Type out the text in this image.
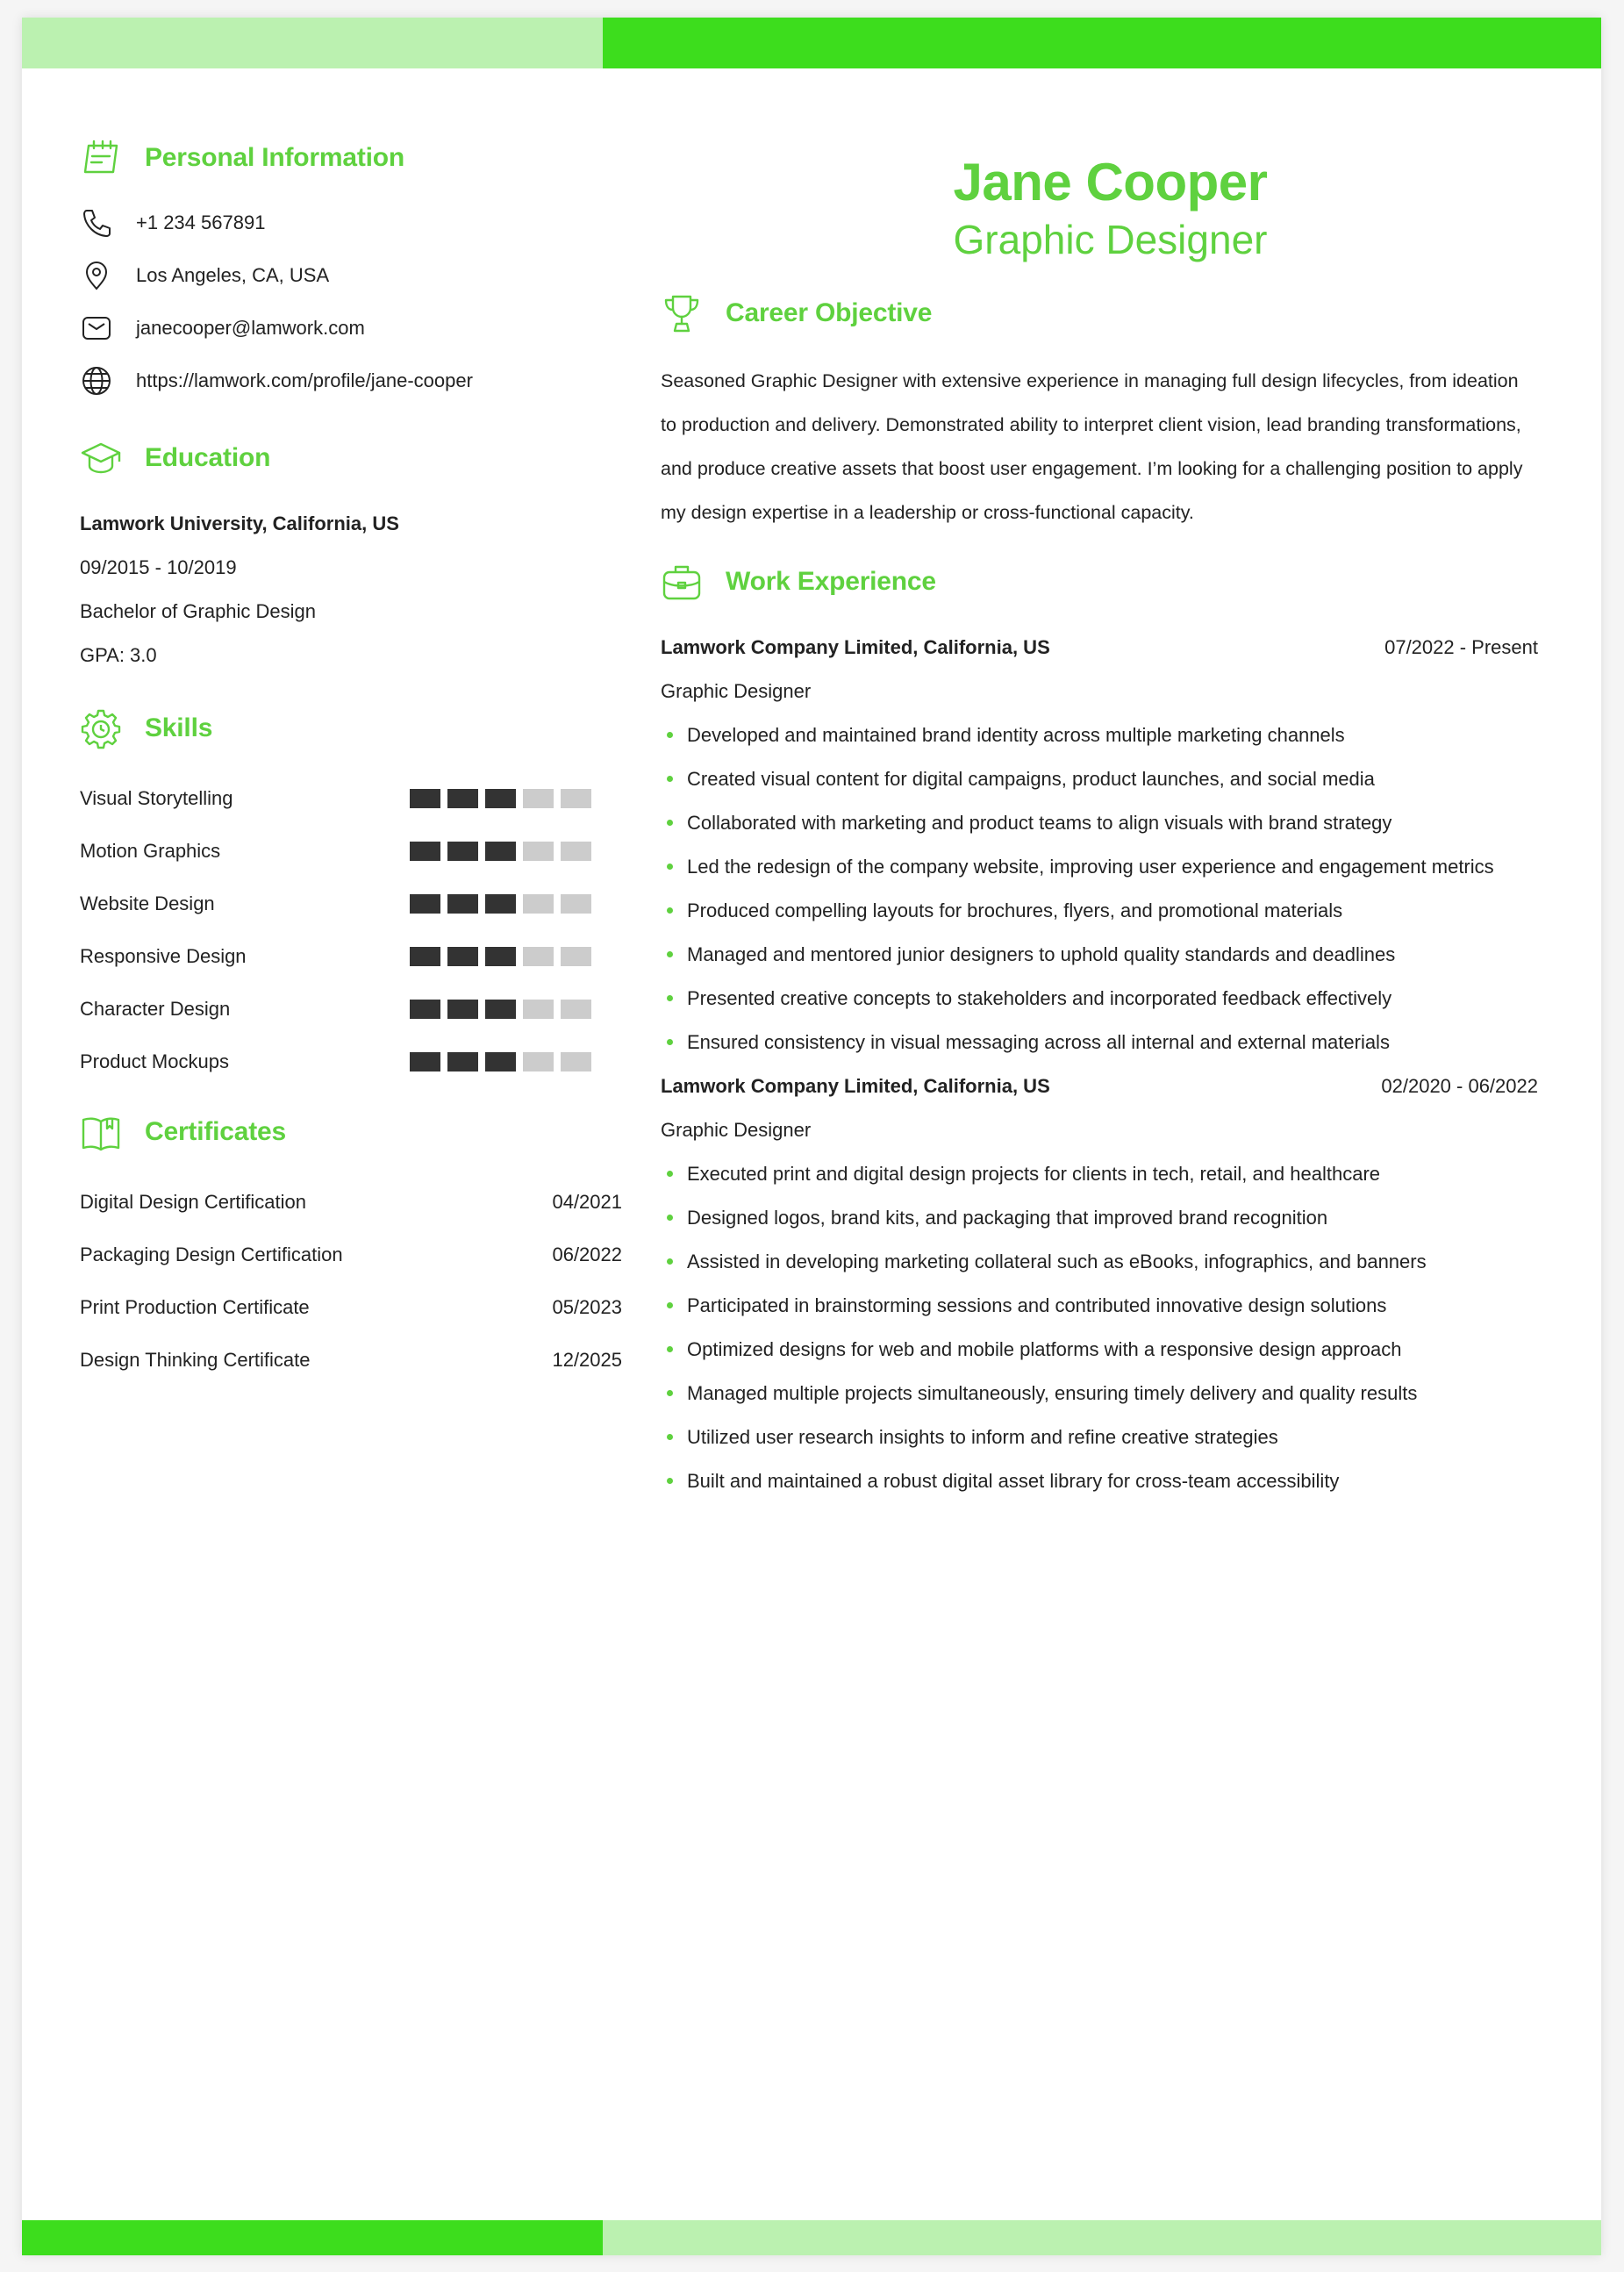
Personal Information
+1 234 567891
Los Angeles, CA, USA
janecooper@lamwork.com
https://lamwork.com/profile/jane-cooper
Education
Lamwork University, California, US
09/2015 - 10/2019
Bachelor of Graphic Design
GPA: 3.0
Skills
Visual Storytelling
Motion Graphics
Website Design
Responsive Design
Character Design
Product Mockups
Certificates
Digital Design Certification	04/2021
Packaging Design Certification	06/2022
Print Production Certificate	05/2023
Design Thinking Certificate	12/2025
Jane Cooper
Graphic Designer
Career Objective
Seasoned Graphic Designer with extensive experience in managing full design lifecycles, from ideation to production and delivery. Demonstrated ability to interpret client vision, lead branding transformations, and produce creative assets that boost user engagement. I’m looking for a challenging position to apply my design expertise in a leadership or cross-functional capacity.
Work Experience
Lamwork Company Limited, California, US	07/2022 - Present
Graphic Designer
Developed and maintained brand identity across multiple marketing channels
Created visual content for digital campaigns, product launches, and social media
Collaborated with marketing and product teams to align visuals with brand strategy
Led the redesign of the company website, improving user experience and engagement metrics
Produced compelling layouts for brochures, flyers, and promotional materials
Managed and mentored junior designers to uphold quality standards and deadlines
Presented creative concepts to stakeholders and incorporated feedback effectively
Ensured consistency in visual messaging across all internal and external materials
Lamwork Company Limited, California, US	02/2020 - 06/2022
Graphic Designer
Executed print and digital design projects for clients in tech, retail, and healthcare
Designed logos, brand kits, and packaging that improved brand recognition
Assisted in developing marketing collateral such as eBooks, infographics, and banners
Participated in brainstorming sessions and contributed innovative design solutions
Optimized designs for web and mobile platforms with a responsive design approach
Managed multiple projects simultaneously, ensuring timely delivery and quality results
Utilized user research insights to inform and refine creative strategies
Built and maintained a robust digital asset library for cross-team accessibility
